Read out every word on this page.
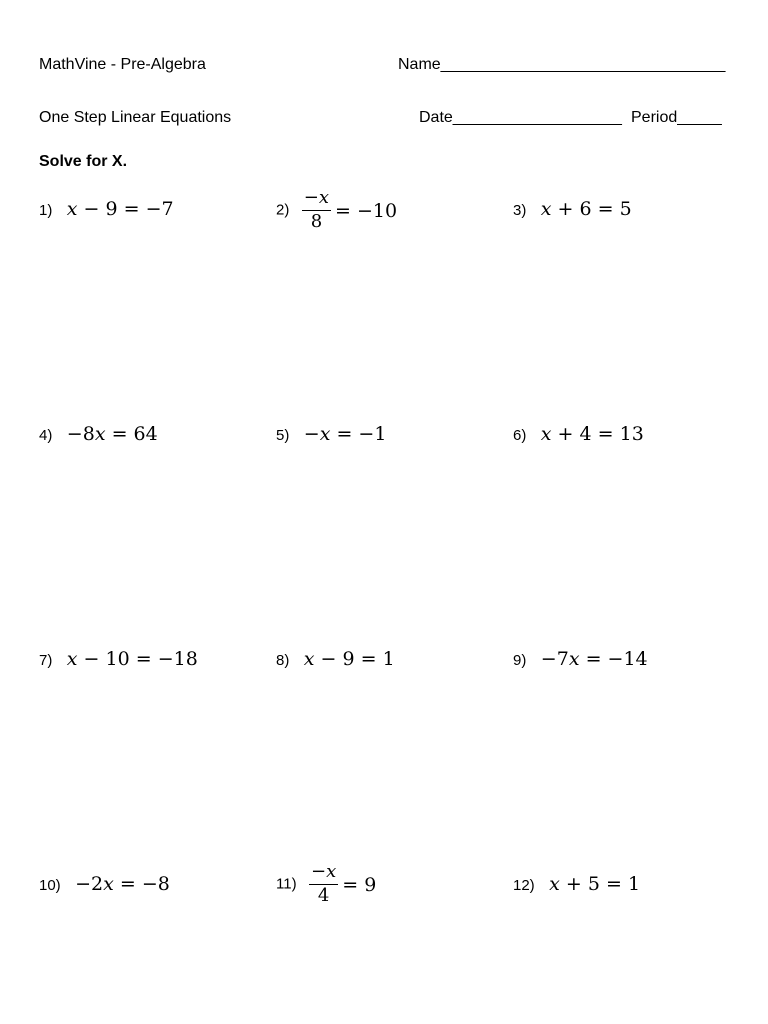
MathVine - Pre-Algebra	Name________________________________
One Step Linear Equations	Date___________________ Period_____
Solve for X.
1) x − 9 = −7	$2) \frac{-x}{8} = -10$	3) x + 6 = 5
4) −8x = 64	5) −x = −1	6) x + 4 = 13
7) x − 10 = −18	8) x − 9 = 1	9) −7x = −14
10) −2x = −8	$11) \frac{-x}{4} = 9$	12) x + 5 = 1
